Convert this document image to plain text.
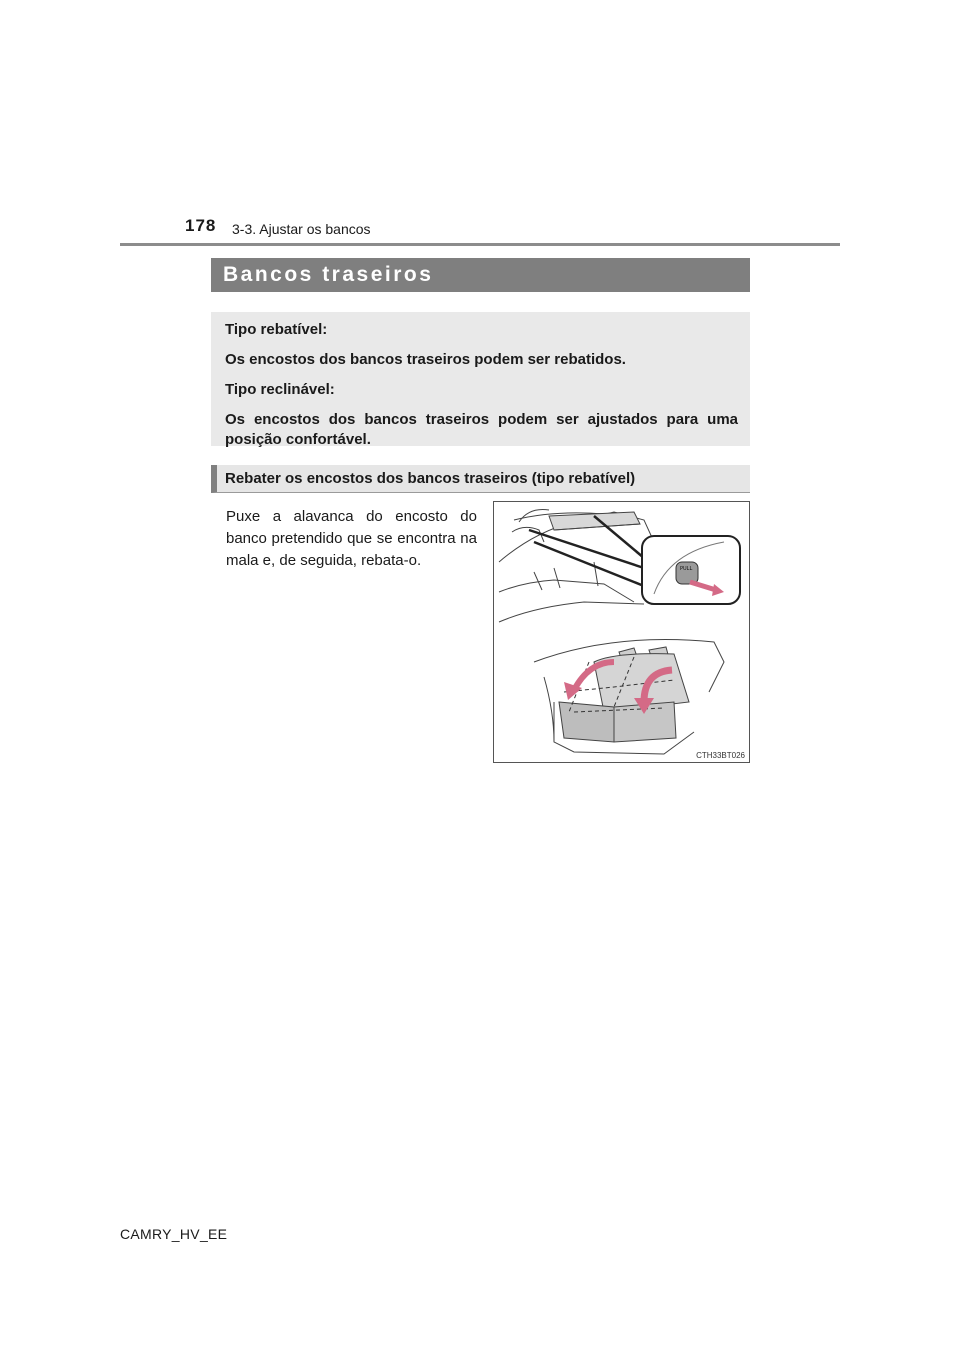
178 3-3. Ajustar os bancos
Bancos traseiros

Tipo rebatível:

Os encostos dos bancos traseiros podem ser rebatidos.

Tipo reclinável:

Os encostos dos bancos traseiros podem ser ajustados para uma posição confortável.

Rebater os encostos dos bancos traseiros (tipo rebatível)
Puxe a alavanca do encosto do banco pretendido que se encontra na mala e, de seguida, rebata-o.	PULL
CTH33BT026
CAMRY_HV_EE
